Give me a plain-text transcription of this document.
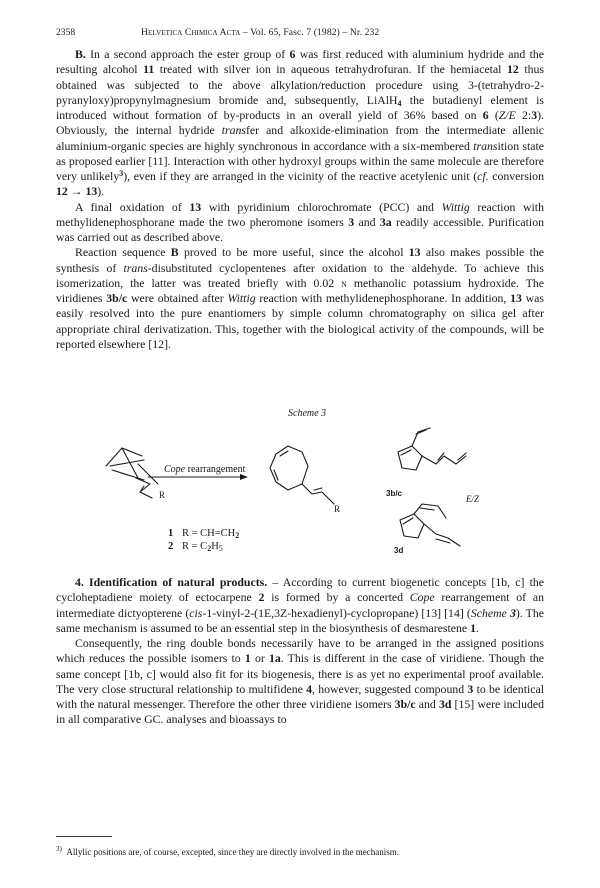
2358	Helvetica Chimica Acta – Vol. 65, Fasc. 7 (1982) – Nr. 232

B. In a second approach the ester group of 6 was first reduced with aluminium hydride and the resulting alcohol 11 treated with silver ion in aqueous tetrahydrofuran. If the hemiacetal 12 thus obtained was subjected to the above alkylation/reduction procedure using 3-(tetrahydro-2-pyranyloxy)propynylmagnesium bromide and, subsequently, LiAlH$_4$ the butadienyl element is introduced without formation of by-products in an overall yield of 36% based on 6 (Z/E 2:3). Obviously, the internal hydride transfer and alkoxide-elimination from the intermediate allenic aluminium-organic species are highly synchronous in accordance with a six-membered transition state as proposed earlier [11]. Interaction with other hydroxyl groups within the same molecule are therefore very unlikely$^3$), even if they are arranged in the vicinity of the reactive acetylenic unit (cf. conversion 12 → 13).

A final oxidation of 13 with pyridinium chlorochromate (PCC) and Wittig reaction with methylidenephosphorane made the two pheromone isomers 3 and 3a readily accessible. Purification was carried out as described above.

Reaction sequence B proved to be more useful, since the alcohol 13 also makes possible the synthesis of trans-disubstituted cyclopentenes after oxidation to the aldehyde. To achieve this isomerization, the latter was treated briefly with 0.02 n methanolic potassium hydroxide. The viridienes 3b/c were obtained after Wittig reaction with methylidenephosphorane. In addition, 13 was easily resolved into the pure enantiomers by simple column chromatography on silica gel after appropriate chiral derivatization. This, together with the biological activity of the compounds, will be reported elsewhere [12].

Scheme 3
3b/c
E/Z
3d
R
R
Cope rearrangement
1 $R = CH=CH_2$
2 $R = C_2H_5$

4. Identification of natural products. – According to current biogenetic concepts [1b, c] the cycloheptadiene moiety of ectocarpene 2 is formed by a concerted Cope rearrangement of an intermediate dictyopterene (cis-1-vinyl-2-(1E,3Z-hexadienyl)-cyclopropane) [13] [14] (Scheme 3). The same mechanism is assumed to be an essential step in the biosynthesis of desmarestene 1.

Consequently, the ring double bonds necessarily have to be arranged in the assigned positions which reduces the possible isomers to 1 or 1a. This is different in the case of viridiene. Though the same concept [1b, c] would also fit for its biogenesis, there is as yet no experimental proof available. The very close structural relationship to multifidene 4, however, suggested compound 3 to be identical with the natural messenger. Therefore the other three viridiene isomers 3b/c and 3d [15] were included in all comparative GC. analyses and bioassays to

$^{3)}$ Allylic positions are, of course, excepted, since they are directly involved in the mechanism.
